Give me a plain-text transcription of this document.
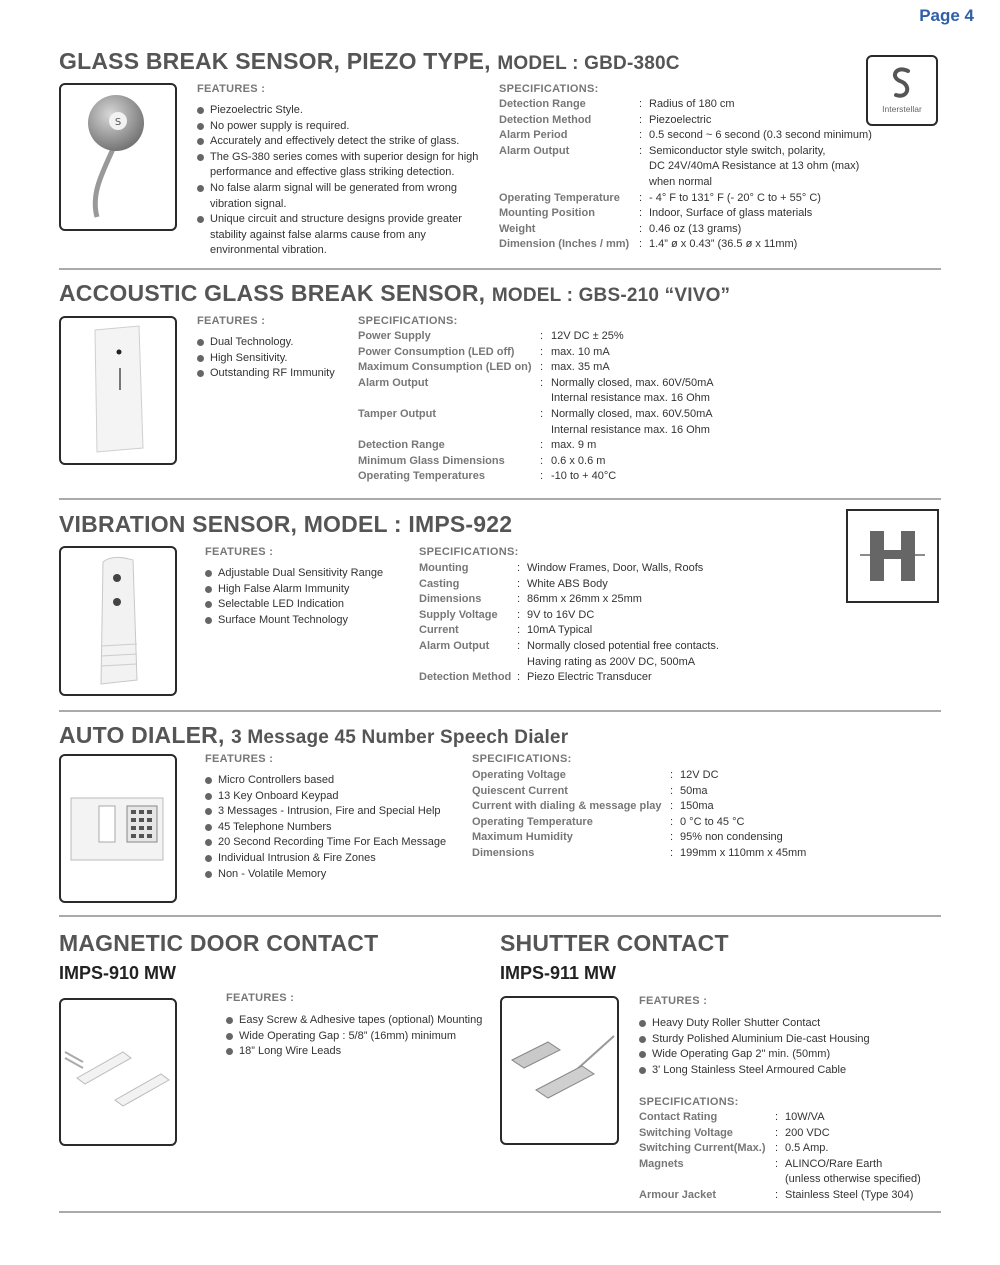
Page 4
GLASS BREAK SENSOR, PIEZO TYPE, MODEL : GBD-380C
S
FEATURES :
Piezoelectric Style.
No power supply is required.
Accurately and effectively detect the strike of glass.
The GS-380 series comes with superior design for high performance and effective glass striking detection.
No false alarm signal will be generated from wrong vibration signal.
Unique circuit and structure designs provide greater stability against false alarms cause from any environmental vibration.
SPECIFICATIONS:
Detection Range	:	Radius of 180 cm
Detection Method	:	Piezoelectric
Alarm Period	:	0.5 second ~ 6 second (0.3 second minimum)
Alarm Output	:	Semiconductor style switch, polarity,
DC 24V/40mA Resistance at 13 ohm (max)
when normal

Operating Temperature	:	- 4° F to 131° F (- 20° C to + 55° C)
Mounting Position	:	Indoor, Surface of glass materials
Weight	:	0.46 oz (13 grams)
Dimension (Inches / mm)	:	1.4” ø x 0.43” (36.5 ø x 11mm)
Interstellar
ACCOUSTIC GLASS BREAK SENSOR, MODEL : GBS-210 “VIVO”
FEATURES :
Dual Technology.
High Sensitivity.
Outstanding RF Immunity
SPECIFICATIONS:
Power Supply	:	12V DC ± 25%
Power Consumption (LED off)	:	max. 10 mA
Maximum Consumption (LED on)	:	max. 35 mA
Alarm Output	:	Normally closed, max. 60V/50mA
Internal resistance max. 16 Ohm
Tamper Output	:	Normally closed, max. 60V.50mA
Internal resistance max. 16 Ohm
Detection Range	:	max. 9 m
Minimum Glass Dimensions	:	0.6 x 0.6 m
Operating Temperatures	:	-10 to + 40°C
VIBRATION SENSOR, MODEL : IMPS-922
FEATURES :
Adjustable Dual Sensitivity Range
High False Alarm Immunity
Selectable LED Indication
Surface Mount Technology
SPECIFICATIONS:
Mounting	:	Window Frames, Door, Walls, Roofs
Casting	:	White ABS Body
Dimensions	:	86mm x 26mm x 25mm
Supply Voltage	:	9V to 16V DC
Current	:	10mA Typical
Alarm Output	:	Normally closed potential free contacts.
Having rating as 200V DC, 500mA
Detection Method	:	Piezo Electric Transducer
AUTO DIALER, 3 Message 45 Number Speech Dialer
FEATURES :
Micro Controllers based
13 Key Onboard Keypad
3 Messages - Intrusion, Fire and Special Help
45 Telephone Numbers
20 Second Recording Time For Each Message
Individual Intrusion & Fire Zones
Non - Volatile Memory
SPECIFICATIONS:
Operating Voltage	:	12V DC
Quiescent Current	:	50ma
Current with dialing & message play	:	150ma
Operating Temperature	:	0 °C to 45 °C
Maximum Humidity	:	95% non condensing
Dimensions	:	199mm x 110mm x 45mm
MAGNETIC DOOR CONTACT
IMPS-910 MW
FEATURES :
Easy Screw & Adhesive tapes (optional) Mounting
Wide Operating Gap : 5/8” (16mm) minimum
18” Long Wire Leads
SHUTTER CONTACT
IMPS-911 MW
FEATURES :
Heavy Duty Roller Shutter Contact
Sturdy Polished Aluminium Die-cast Housing
Wide Operating Gap 2" min. (50mm)
3' Long Stainless Steel Armoured Cable
SPECIFICATIONS:
Contact Rating	:	10W/VA
Switching Voltage	:	200 VDC
Switching Current(Max.)	:	0.5 Amp.
Magnets	:	ALINCO/Rare Earth
(unless otherwise specified)

Armour Jacket	:	Stainless Steel (Type 304)
